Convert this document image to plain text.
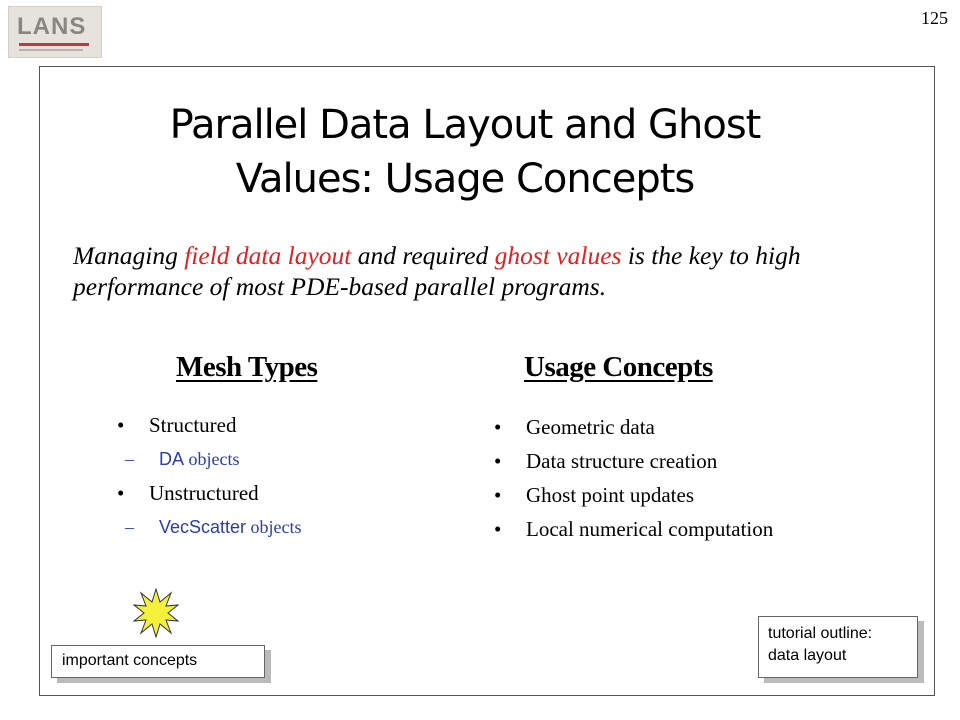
LANS	125
Parallel Data Layout and Ghost
Values: Usage Concepts
Managing field data layout and required ghost values is the key to high performance of most PDE-based parallel programs.
Mesh Types	Usage Concepts
• Structured
– DA objects
• Unstructured
– VecScatter objects
• Geometric data
• Data structure creation
• Ghost point updates
• Local numerical computation
important concepts
tutorial outline:
data layout
